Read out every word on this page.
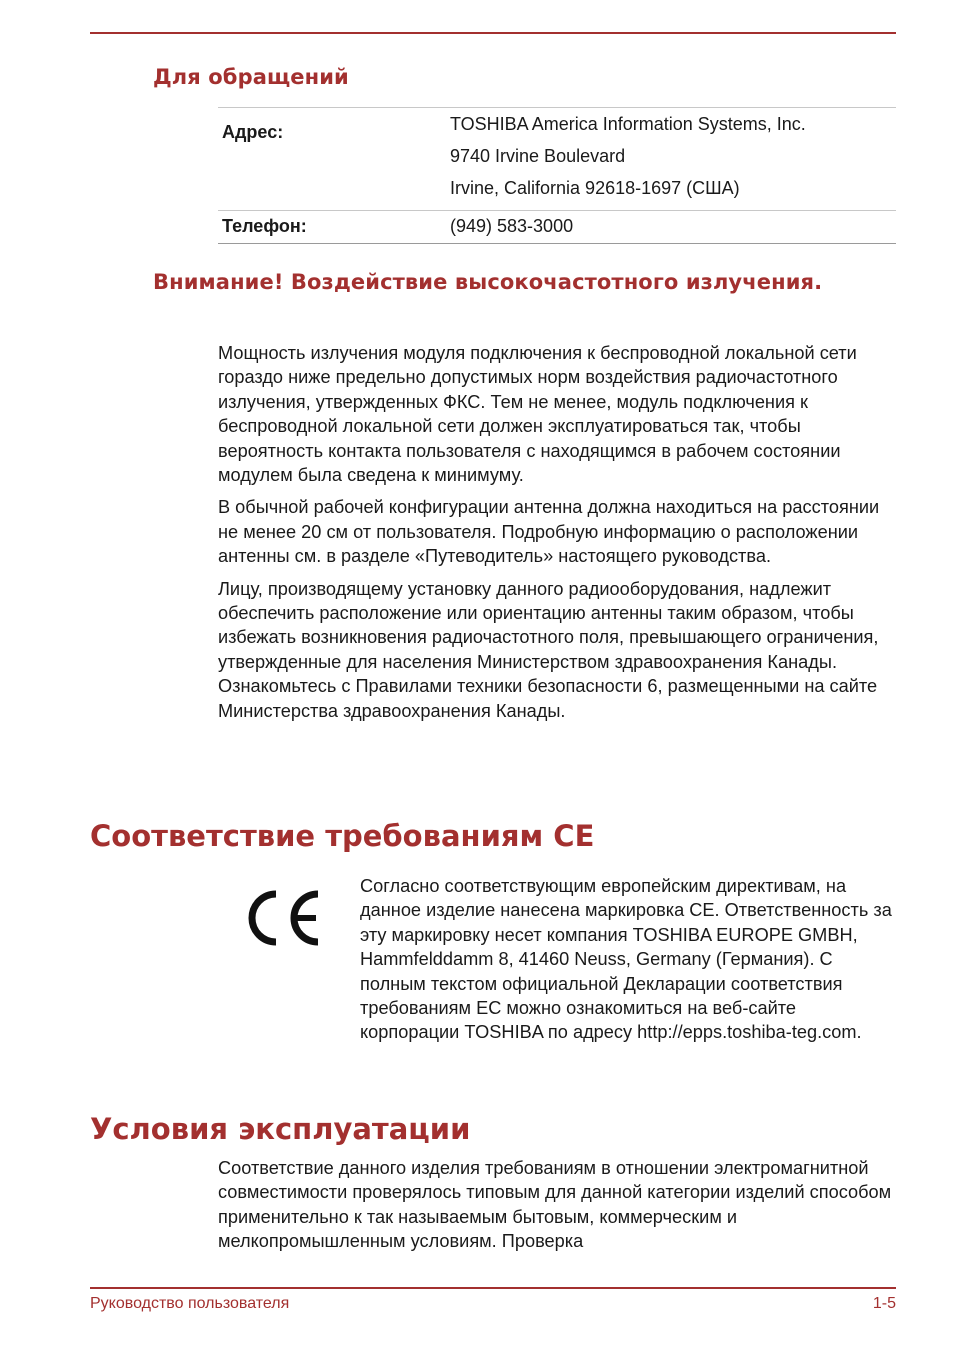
Для обращений
Адрес:	TOSHIBA America Information Systems, Inc.
9740 Irvine Boulevard
Irvine, California 92618-1697 (США)

Телефон:	(949) 583-3000
Внимание! Воздействие высокочастотного излучения.

Мощность излучения модуля подключения к беспроводной локальной сети гораздо ниже предельно допустимых норм воздействия радиочастотного излучения, утвержденных ФКС. Тем не менее, модуль подключения к беспроводной локальной сети должен эксплуатироваться так, чтобы вероятность контакта пользователя с находящимся в рабочем состоянии модулем была сведена к минимуму.

В обычной рабочей конфигурации антенна должна находиться на расстоянии не менее 20 см от пользователя. Подробную информацию о расположении антенны см. в разделе «Путеводитель» настоящего руководства.

Лицу, производящему установку данного радиооборудования, надлежит обеспечить расположение или ориентацию антенны таким образом, чтобы избежать возникновения радиочастотного поля, превышающего ограничения, утвержденные для населения Министерством здравоохранения Канады. Ознакомьтесь с Правилами техники безопасности 6, размещенными на сайте Министерства здравоохранения Канады.

Соответствие требованиям CE
Согласно соответствующим европейским директивам, на данное изделие нанесена маркировка CE. Ответственность за эту маркировку несет компания TOSHIBA EUROPE GMBH, Hammfelddamm 8, 41460 Neuss, Germany (Германия). С полным текстом официальной Декларации соответствия требованиям ЕС можно ознакомиться на веб-сайте корпорации TOSHIBA по адресу http://epps.toshiba-teg.com.
Условия эксплуатации
Соответствие данного изделия требованиям в отношении электромагнитной совместимости проверялось типовым для данной категории изделий способом применительно к так называемым бытовым, коммерческим и мелкопромышленным условиям. Проверка
Руководство пользователя	1-5
